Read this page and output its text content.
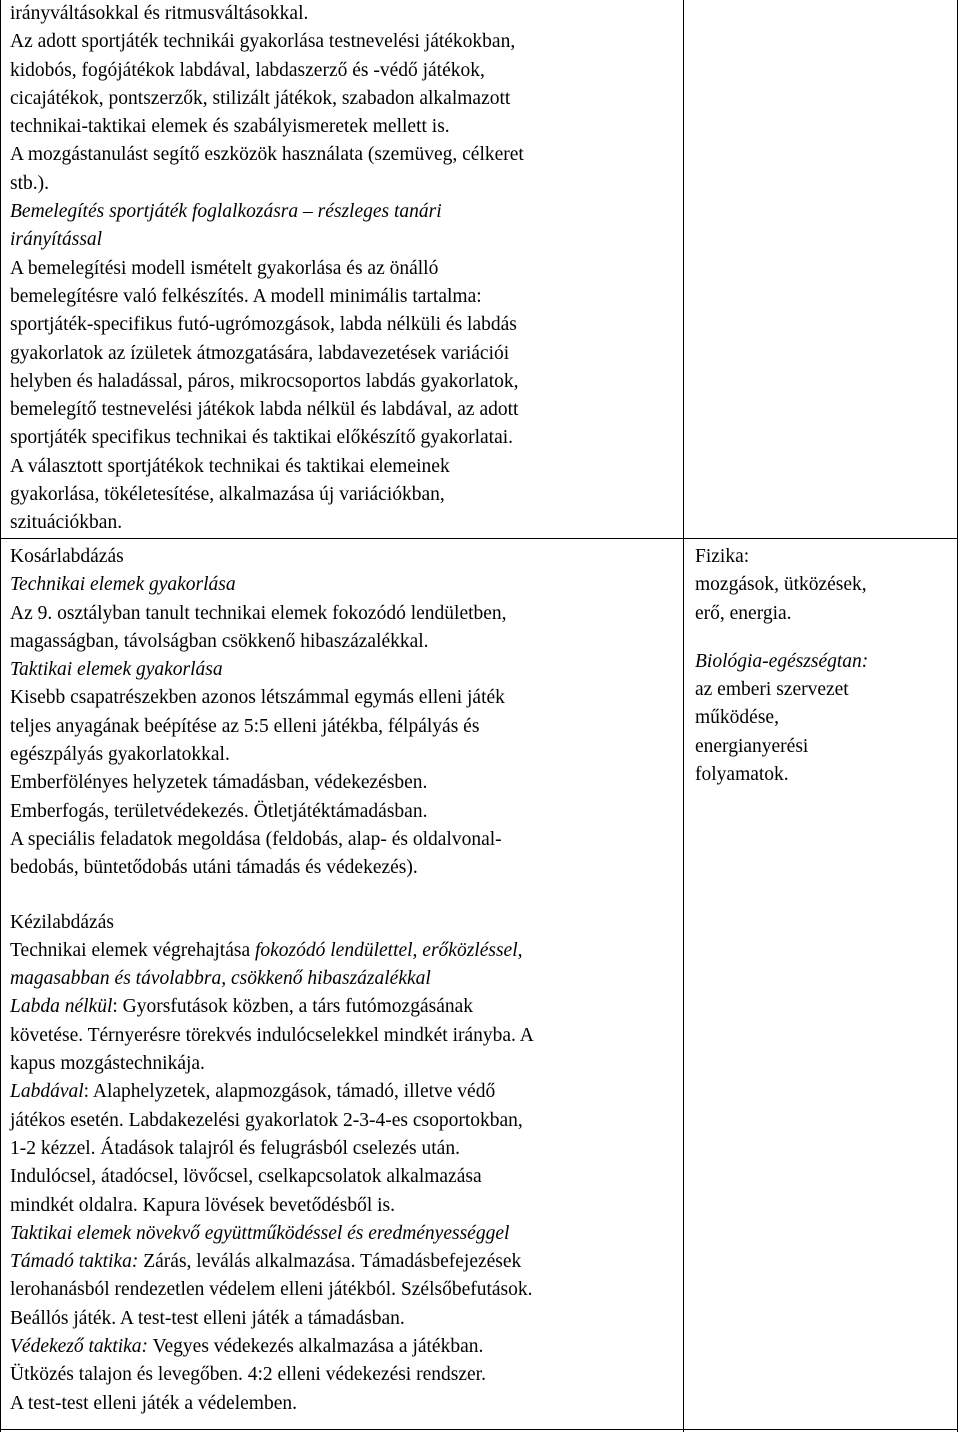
irányváltásokkal és ritmusváltásokkal.

Az adott sportjáték technikái gyakorlása testnevelési játékokban,

kidobós, fogójátékok labdával, labdaszerző és -védő játékok,

cicajátékok, pontszerzők, stilizált játékok, szabadon alkalmazott

technikai-taktikai elemek és szabályismeretek mellett is.

A mozgástanulást segítő eszközök használata (szemüveg, célkeret

stb.).

Bemelegítés sportjáték foglalkozásra – részleges tanári

irányítással

A bemelegítési modell ismételt gyakorlása és az önálló

bemelegítésre való felkészítés. A modell minimális tartalma:

sportjáték-specifikus futó-ugrómozgások, labda nélküli és labdás

gyakorlatok az ízületek átmozgatására, labdavezetések variációi

helyben és haladással, páros, mikrocsoportos labdás gyakorlatok,

bemelegítő testnevelési játékok labda nélkül és labdával, az adott

sportjáték specifikus technikai és taktikai előkészítő gyakorlatai.

A választott sportjátékok technikai és taktikai elemeinek

gyakorlása, tökéletesítése, alkalmazása új variációkban,

szituációkban.

Kosárlabdázás

Technikai elemek gyakorlása

Az 9. osztályban tanult technikai elemek fokozódó lendületben,

magasságban, távolságban csökkenő hibaszázalékkal.

Taktikai elemek gyakorlása

Kisebb csapatrészekben azonos létszámmal egymás elleni játék

teljes anyagának beépítése az 5:5 elleni játékba, félpályás és

egészpályás gyakorlatokkal.

Emberfölényes helyzetek támadásban, védekezésben.

Emberfogás, területvédekezés. Ötletjátéktámadásban.

A speciális feladatok megoldása (feldobás, alap- és oldalvonal-

bedobás, büntetődobás utáni támadás és védekezés).

Kézilabdázás

Technikai elemek végrehajtása fokozódó lendülettel, erőközléssel,

magasabban és távolabbra, csökkenő hibaszázalékkal

Labda nélkül: Gyorsfutások közben, a társ futómozgásának

követése. Térnyerésre törekvés indulócselekkel mindkét irányba. A

kapus mozgástechnikája.

Labdával: Alaphelyzetek, alapmozgások, támadó, illetve védő

játékos esetén. Labdakezelési gyakorlatok 2-3-4-es csoportokban,

1-2 kézzel. Átadások talajról és felugrásból cselezés után.

Indulócsel, átadócsel, lövőcsel, cselkapcsolatok alkalmazása

mindkét oldalra. Kapura lövések bevetődésből is.

Taktikai elemek növekvő együttműködéssel és eredményességgel

Támadó taktika: Zárás, leválás alkalmazása. Támadásbefejezések

lerohanásból rendezetlen védelem elleni játékból. Szélsőbefutások.

Beállós játék. A test-test elleni játék a támadásban.

Védekező taktika: Vegyes védekezés alkalmazása a játékban.

Ütközés talajon és levegőben. 4:2 elleni védekezési rendszer.

A test-test elleni játék a védelemben.

Fizika:

mozgások, ütközések,

erő, energia.

Biológia-egészségtan:

az emberi szervezet

működése,

energianyerési

folyamatok.
